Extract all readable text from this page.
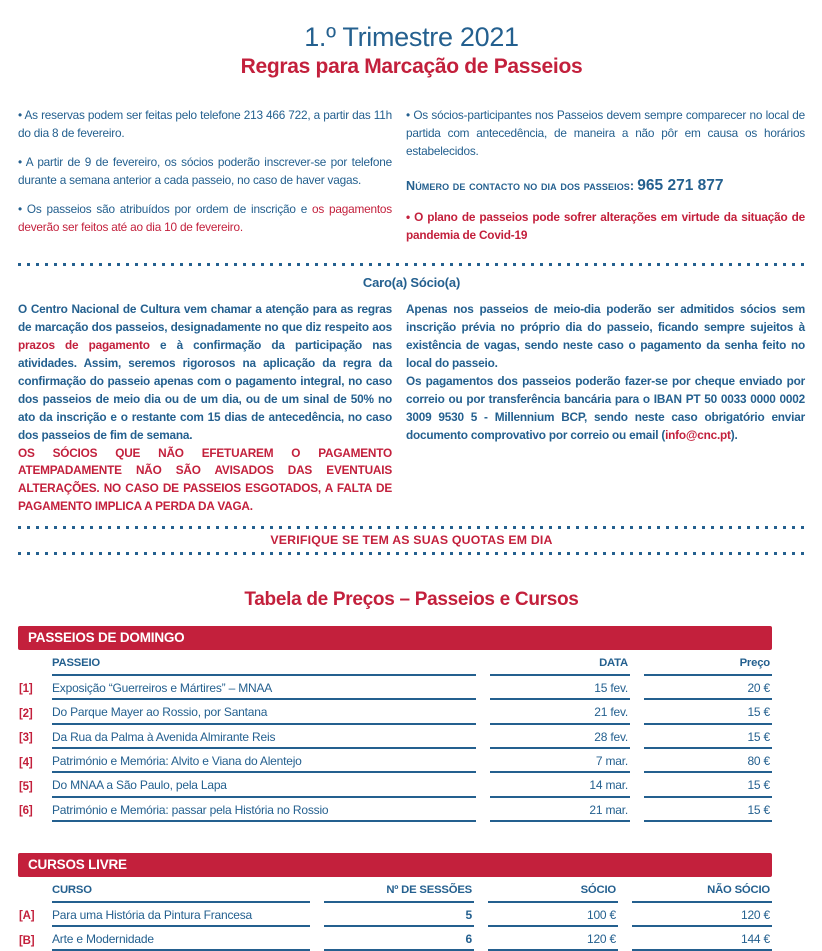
1.º Trimestre 2021
Regras para Marcação de Passeios

• As reservas podem ser feitas pelo telefone 213 466 722, a partir das 11h do dia 8 de fevereiro.

• A partir de 9 de fevereiro, os sócios poderão inscrever-se por telefone durante a semana anterior a cada passeio, no caso de haver vagas.

• Os passeios são atribuídos por ordem de inscrição e os pagamentos deverão ser feitos até ao dia 10 de fevereiro.

• Os sócios-participantes nos Passeios devem sempre comparecer no local de partida com antecedência, de maneira a não pôr em causa os horários estabelecidos.

Número de contacto no dia dos passeios: 965 271 877

• O plano de passeios pode sofrer alterações em virtude da situação de pandemia de Covid-19

Caro(a) Sócio(a)

O Centro Nacional de Cultura vem chamar a atenção para as regras de marcação dos passeios, designadamente no que diz respeito aos prazos de pagamento e à confirmação da participação nas atividades. Assim, seremos rigorosos na aplicação da regra da confirmação do passeio apenas com o pagamento integral, no caso dos passeios de meio dia ou de um dia, ou de um sinal de 50% no ato da inscrição e o restante com 15 dias de antecedência, no caso dos passeios de fim de semana.

OS SÓCIOS QUE NÃO EFETUAREM O PAGAMENTO ATEMPADAMENTE NÃO SÃO AVISADOS DAS EVENTUAIS ALTERAÇÕES. NO CASO DE PASSEIOS ESGOTADOS, A FALTA DE PAGAMENTO IMPLICA A PERDA DA VAGA.

Apenas nos passeios de meio-dia poderão ser admitidos sócios sem inscrição prévia no próprio dia do passeio, ficando sempre sujeitos à existência de vagas, sendo neste caso o pagamento da senha feito no local do passeio.

Os pagamentos dos passeios poderão fazer-se por cheque enviado por correio ou por transferência bancária para o IBAN PT 50 0033 0000 0002 3009 9530 5 - Millennium BCP, sendo neste caso obrigatório enviar documento comprovativo por correio ou email (info@cnc.pt).

VERIFIQUE SE TEM AS SUAS QUOTAS EM DIA
Tabela de Preços – Passeios e Cursos
PASSEIOS DE DOMINGO
PASSEIO	DATA	Preço
[1]	Exposição “Guerreiros e Mártires” – MNAA	15 fev.	20 €
[2]	Do Parque Mayer ao Rossio, por Santana	21 fev.	15 €
[3]	Da Rua da Palma à Avenida Almirante Reis	28 fev.	15 €
[4]	Património e Memória: Alvito e Viana do Alentejo	7 mar.	80 €
[5]	Do MNAA a São Paulo, pela Lapa	14 mar.	15 €
[6]	Património e Memória: passar pela História no Rossio	21 mar.	15 €
CURSOS LIVRE
CURSO	Nº DE SESSÕES	SÓCIO	NÃO SÓCIO
[A]	Para uma História da Pintura Francesa	5	100 €	120 €
[B]	Arte e Modernidade	6	120 €	144 €
